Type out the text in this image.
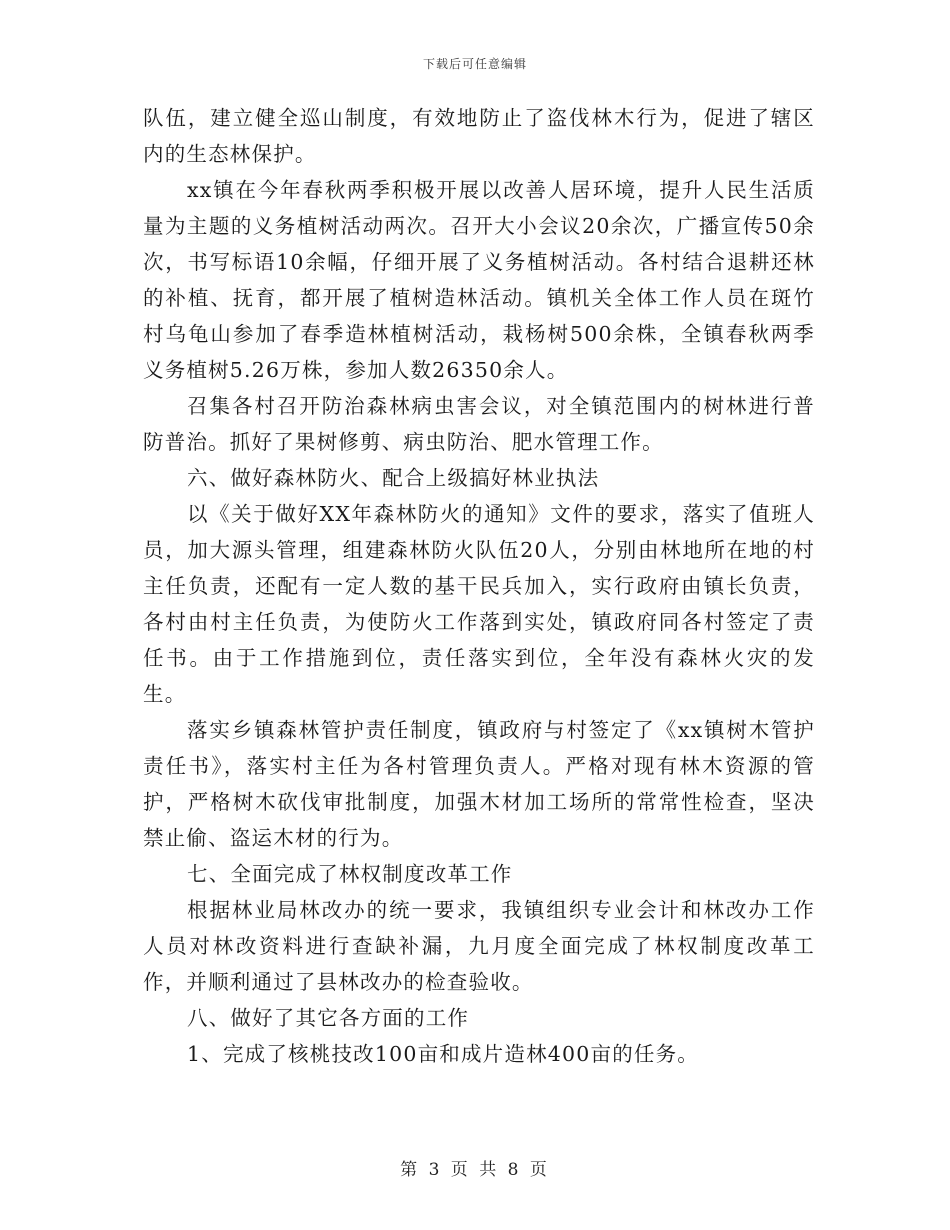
下载后可任意编辑

队伍，建立健全巡山制度，有效地防止了盗伐林木行为，促进了辖区内的生态林保护。

xx镇在今年春秋两季积极开展以改善人居环境，提升人民生活质量为主题的义务植树活动两次。召开大小会议20余次，广播宣传50余次，书写标语10余幅，仔细开展了义务植树活动。各村结合退耕还林的补植、抚育，都开展了植树造林活动。镇机关全体工作人员在斑竹村乌龟山参加了春季造林植树活动，栽杨树500余株，全镇春秋两季义务植树5.26万株，参加人数26350余人。

召集各村召开防治森林病虫害会议，对全镇范围内的树林进行普防普治。抓好了果树修剪、病虫防治、肥水管理工作。

六、做好森林防火、配合上级搞好林业执法

以《关于做好XX年森林防火的通知》文件的要求，落实了值班人员，加大源头管理，组建森林防火队伍20人，分别由林地所在地的村主任负责，还配有一定人数的基干民兵加入，实行政府由镇长负责，各村由村主任负责，为使防火工作落到实处，镇政府同各村签定了责任书。由于工作措施到位，责任落实到位，全年没有森林火灾的发生。

落实乡镇森林管护责任制度，镇政府与村签定了《xx镇树木管护责任书》，落实村主任为各村管理负责人。严格对现有林木资源的管护，严格树木砍伐审批制度，加强木材加工场所的常常性检查，坚决禁止偷、盗运木材的行为。

七、全面完成了林权制度改革工作

根据林业局林改办的统一要求，我镇组织专业会计和林改办工作人员对林改资料进行查缺补漏，九月度全面完成了林权制度改革工作，并顺利通过了县林改办的检查验收。

八、做好了其它各方面的工作

1、完成了核桃技改100亩和成片造林400亩的任务。

第 3 页 共 8 页
